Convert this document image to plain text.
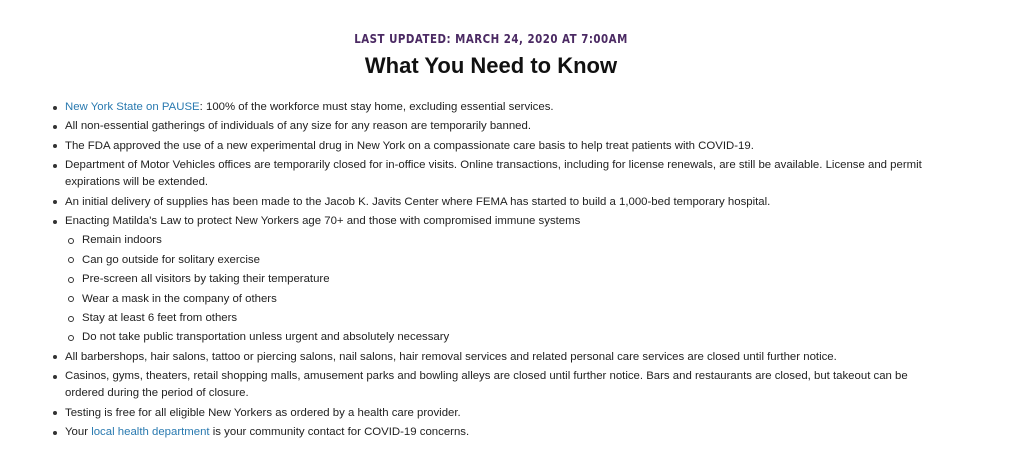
LAST UPDATED: MARCH 24, 2020 AT 7:00AM
What You Need to Know
New York State on PAUSE: 100% of the workforce must stay home, excluding essential services.
All non-essential gatherings of individuals of any size for any reason are temporarily banned.
The FDA approved the use of a new experimental drug in New York on a compassionate care basis to help treat patients with COVID-19.
Department of Motor Vehicles offices are temporarily closed for in-office visits. Online transactions, including for license renewals, are still be available. License and permit expirations will be extended.
An initial delivery of supplies has been made to the Jacob K. Javits Center where FEMA has started to build a 1,000-bed temporary hospital.
Enacting Matilda's Law to protect New Yorkers age 70+ and those with compromised immune systems
Remain indoors
Can go outside for solitary exercise
Pre-screen all visitors by taking their temperature
Wear a mask in the company of others
Stay at least 6 feet from others
Do not take public transportation unless urgent and absolutely necessary
All barbershops, hair salons, tattoo or piercing salons, nail salons, hair removal services and related personal care services are closed until further notice.
Casinos, gyms, theaters, retail shopping malls, amusement parks and bowling alleys are closed until further notice. Bars and restaurants are closed, but takeout can be ordered during the period of closure.
Testing is free for all eligible New Yorkers as ordered by a health care provider.
Your local health department is your community contact for COVID-19 concerns.
